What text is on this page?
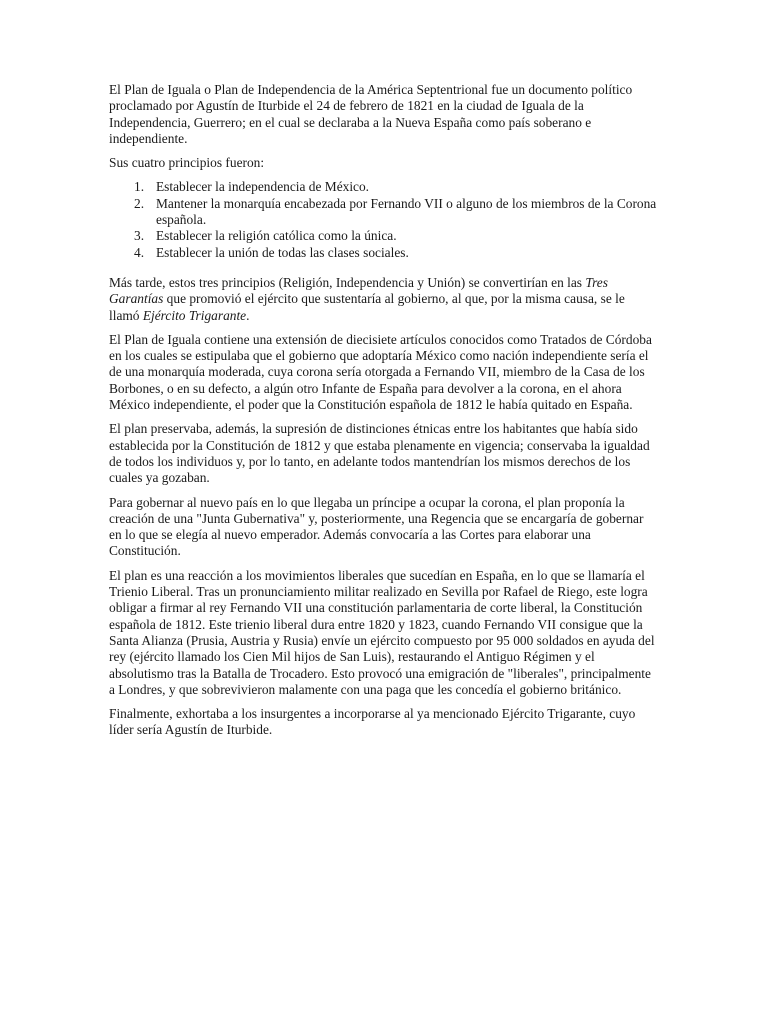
El Plan de Iguala o Plan de Independencia de la América Septentrional fue un documento político proclamado por Agustín de Iturbide el 24 de febrero de 1821 en la ciudad de Iguala de la Independencia, Guerrero; en el cual se declaraba a la Nueva España como país soberano e independiente.

Sus cuatro principios fueron:

1. Establecer la independencia de México.
2. Mantener la monarquía encabezada por Fernando VII o alguno de los miembros de la Corona española.
3. Establecer la religión católica como la única.
4. Establecer la unión de todas las clases sociales.

Más tarde, estos tres principios (Religión, Independencia y Unión) se convertirían en las Tres Garantías que promovió el ejército que sustentaría al gobierno, al que, por la misma causa, se le llamó Ejército Trigarante.

El Plan de Iguala contiene una extensión de diecisiete artículos conocidos como Tratados de Córdoba en los cuales se estipulaba que el gobierno que adoptaría México como nación independiente sería el de una monarquía moderada, cuya corona sería otorgada a Fernando VII, miembro de la Casa de los Borbones, o en su defecto, a algún otro Infante de España para devolver a la corona, en el ahora México independiente, el poder que la Constitución española de 1812 le había quitado en España.

El plan preservaba, además, la supresión de distinciones étnicas entre los habitantes que había sido establecida por la Constitución de 1812 y que estaba plenamente en vigencia; conservaba la igualdad de todos los individuos y, por lo tanto, en adelante todos mantendrían los mismos derechos de los cuales ya gozaban.

Para gobernar al nuevo país en lo que llegaba un príncipe a ocupar la corona, el plan proponía la creación de una "Junta Gubernativa" y, posteriormente, una Regencia que se encargaría de gobernar en lo que se elegía al nuevo emperador. Además convocaría a las Cortes para elaborar una Constitución.

El plan es una reacción a los movimientos liberales que sucedían en España, en lo que se llamaría el Trienio Liberal. Tras un pronunciamiento militar realizado en Sevilla por Rafael de Riego, este logra obligar a firmar al rey Fernando VII una constitución parlamentaria de corte liberal, la Constitución española de 1812. Este trienio liberal dura entre 1820 y 1823, cuando Fernando VII consigue que la Santa Alianza (Prusia, Austria y Rusia) envíe un ejército compuesto por 95 000 soldados en ayuda del rey (ejército llamado los Cien Mil hijos de San Luis), restaurando el Antiguo Régimen y el absolutismo tras la Batalla de Trocadero. Esto provocó una emigración de "liberales", principalmente a Londres, y que sobrevivieron malamente con una paga que les concedía el gobierno británico.

Finalmente, exhortaba a los insurgentes a incorporarse al ya mencionado Ejército Trigarante, cuyo líder sería Agustín de Iturbide.
